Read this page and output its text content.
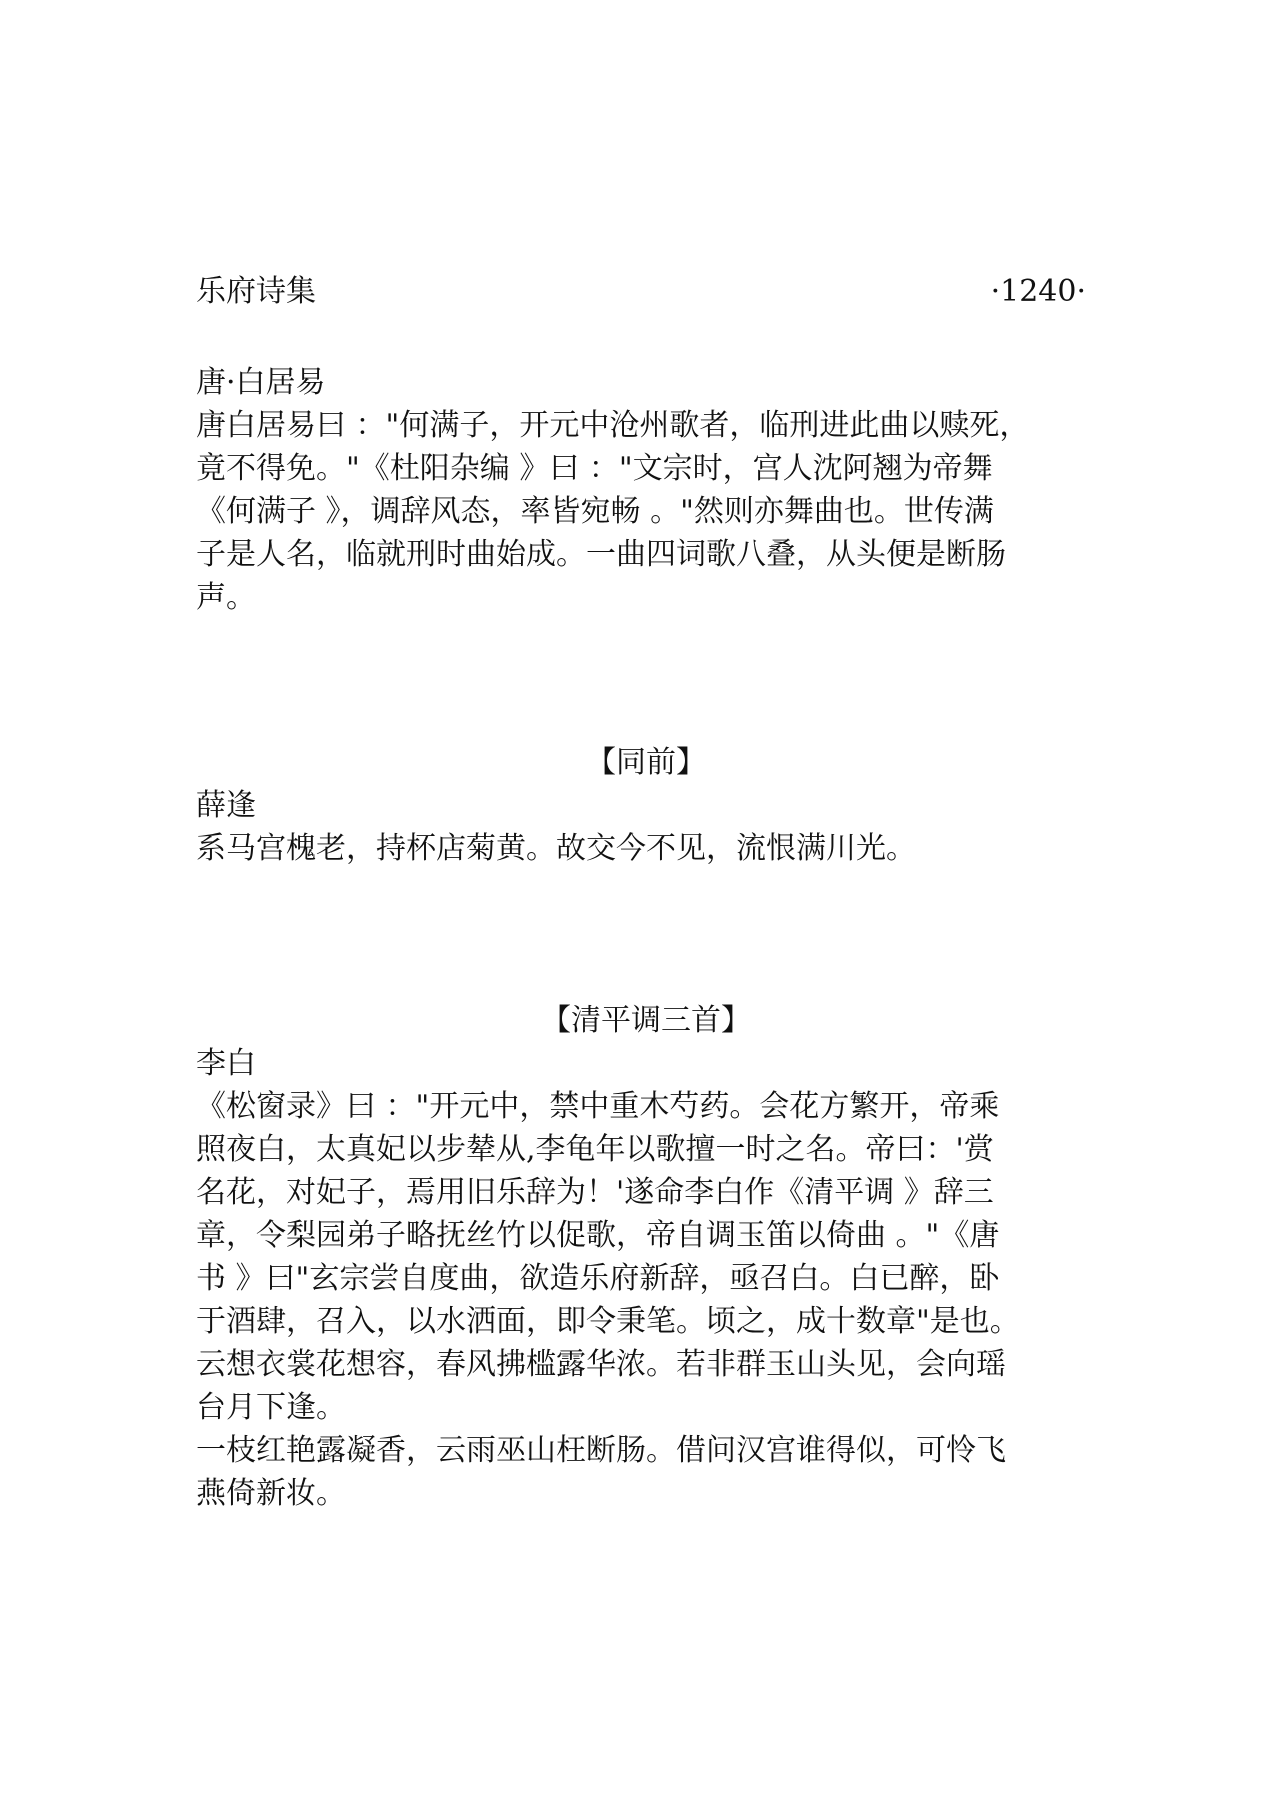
乐府诗集	·1240·

唐·白居易

唐白居易曰 ："何满子，开元中沧州歌者，临刑进此曲以赎死，

竟不得免。"《杜阳杂编 》曰 ："文宗时，宫人沈阿翘为帝舞

《何满子 》，调辞风态，率皆宛畅 。"然则亦舞曲也。世传满

子是人名，临就刑时曲始成。一曲四词歌八叠，从头便是断肠

声。

【同前】

薛逢

系马宫槐老，持杯店菊黄。故交今不见，流恨满川光。

【清平调三首】

李白

《松窗录》曰 ："开元中，禁中重木芍药。会花方繁开，帝乘

照夜白，太真妃以步辇从,李龟年以歌擅一时之名。帝曰：'赏

名花，对妃子，焉用旧乐辞为！'遂命李白作《清平调 》辞三

章，令梨园弟子略抚丝竹以促歌，帝自调玉笛以倚曲 。"《唐

书 》曰"玄宗尝自度曲，欲造乐府新辞，亟召白。白已醉，卧

于酒肆，召入，以水洒面，即令秉笔。顷之，成十数章"是也。

云想衣裳花想容，春风拂槛露华浓。若非群玉山头见，会向瑶

台月下逢。

一枝红艳露凝香，云雨巫山枉断肠。借问汉宫谁得似，可怜飞

燕倚新妆。
